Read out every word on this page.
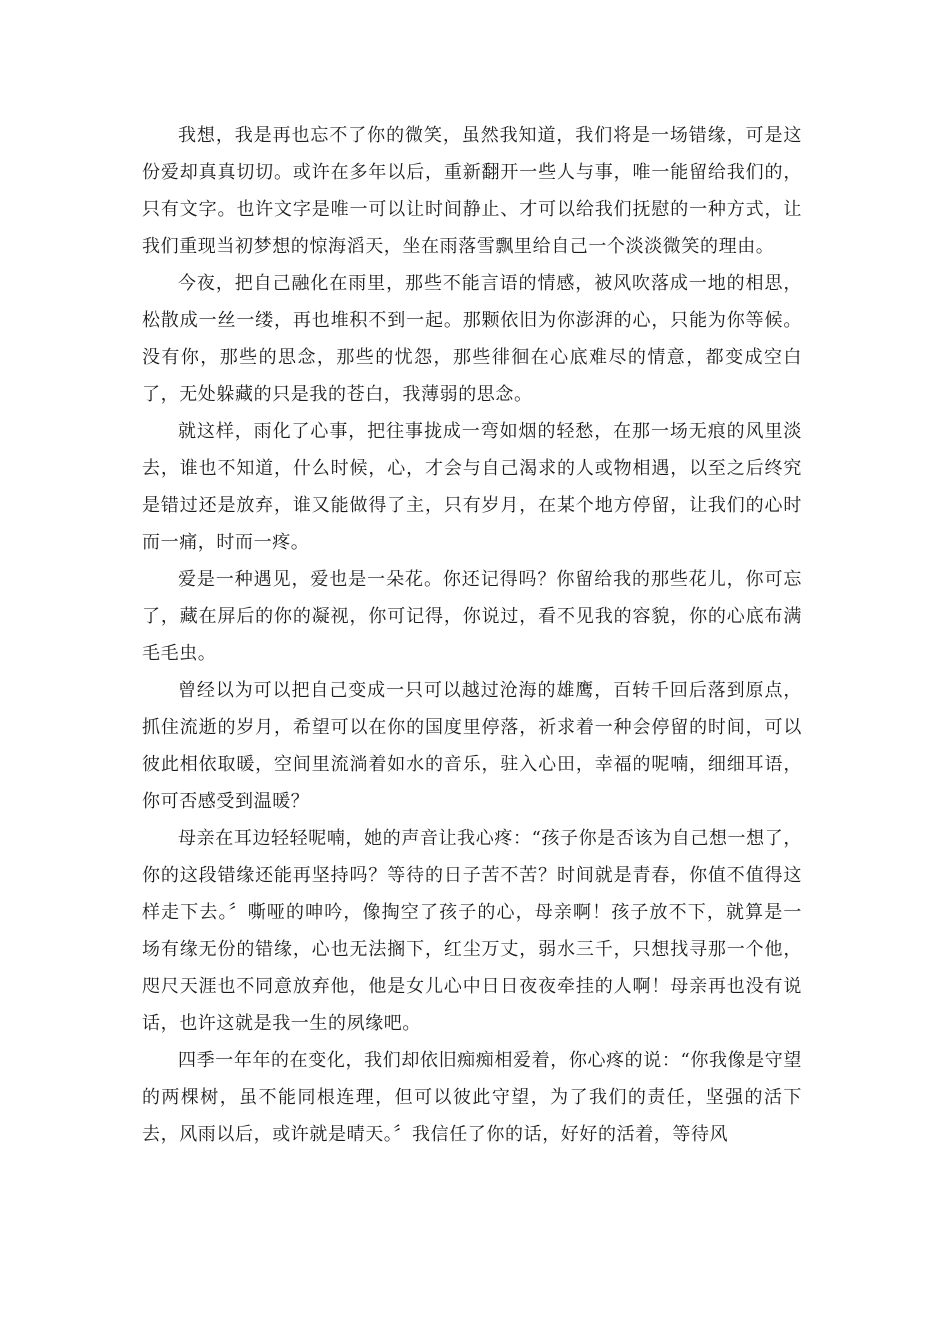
我想，我是再也忘不了你的微笑，虽然我知道，我们将是一场错缘，可是这份爱却真真切切。或许在多年以后，重新翻开一些人与事，唯一能留给我们的，只有文字。也许文字是唯一可以让时间静止、才可以给我们抚慰的一种方式，让我们重现当初梦想的惊海滔天，坐在雨落雪飘里给自己一个淡淡微笑的理由。

今夜，把自己融化在雨里，那些不能言语的情感，被风吹落成一地的相思，松散成一丝一缕，再也堆积不到一起。那颗依旧为你澎湃的心，只能为你等候。没有你，那些的思念，那些的忧怨，那些徘徊在心底难尽的情意，都变成空白了，无处躲藏的只是我的苍白，我薄弱的思念。

就这样，雨化了心事，把往事拢成一弯如烟的轻愁，在那一场无痕的风里淡去，谁也不知道，什么时候，心，才会与自己渴求的人或物相遇，以至之后终究是错过还是放弃，谁又能做得了主，只有岁月，在某个地方停留，让我们的心时而一痛，时而一疼。

爱是一种遇见，爱也是一朵花。你还记得吗？你留给我的那些花儿，你可忘了，藏在屏后的你的凝视，你可记得，你说过，看不见我的容貌，你的心底布满毛毛虫。

曾经以为可以把自己变成一只可以越过沧海的雄鹰，百转千回后落到原点，抓住流逝的岁月，希望可以在你的国度里停落，祈求着一种会停留的时间，可以彼此相依取暖，空间里流淌着如水的音乐，驻入心田，幸福的呢喃，细细耳语，你可否感受到温暖？

母亲在耳边轻轻呢喃，她的声音让我心疼：“孩子你是否该为自己想一想了，你的这段错缘还能再坚持吗？等待的日子苦不苦？时间就是青春，你值不值得这样走下去。〞嘶哑的呻吟，像掏空了孩子的心，母亲啊！孩子放不下，就算是一场有缘无份的错缘，心也无法搁下，红尘万丈，弱水三千，只想找寻那一个他，咫尺天涯也不同意放弃他，他是女儿心中日日夜夜牵挂的人啊！母亲再也没有说话，也许这就是我一生的夙缘吧。

四季一年年的在变化，我们却依旧痴痴相爱着，你心疼的说：“你我像是守望的两棵树，虽不能同根连理，但可以彼此守望，为了我们的责任，坚强的活下去，风雨以后，或许就是晴天。〞我信任了你的话，好好的活着，等待风
